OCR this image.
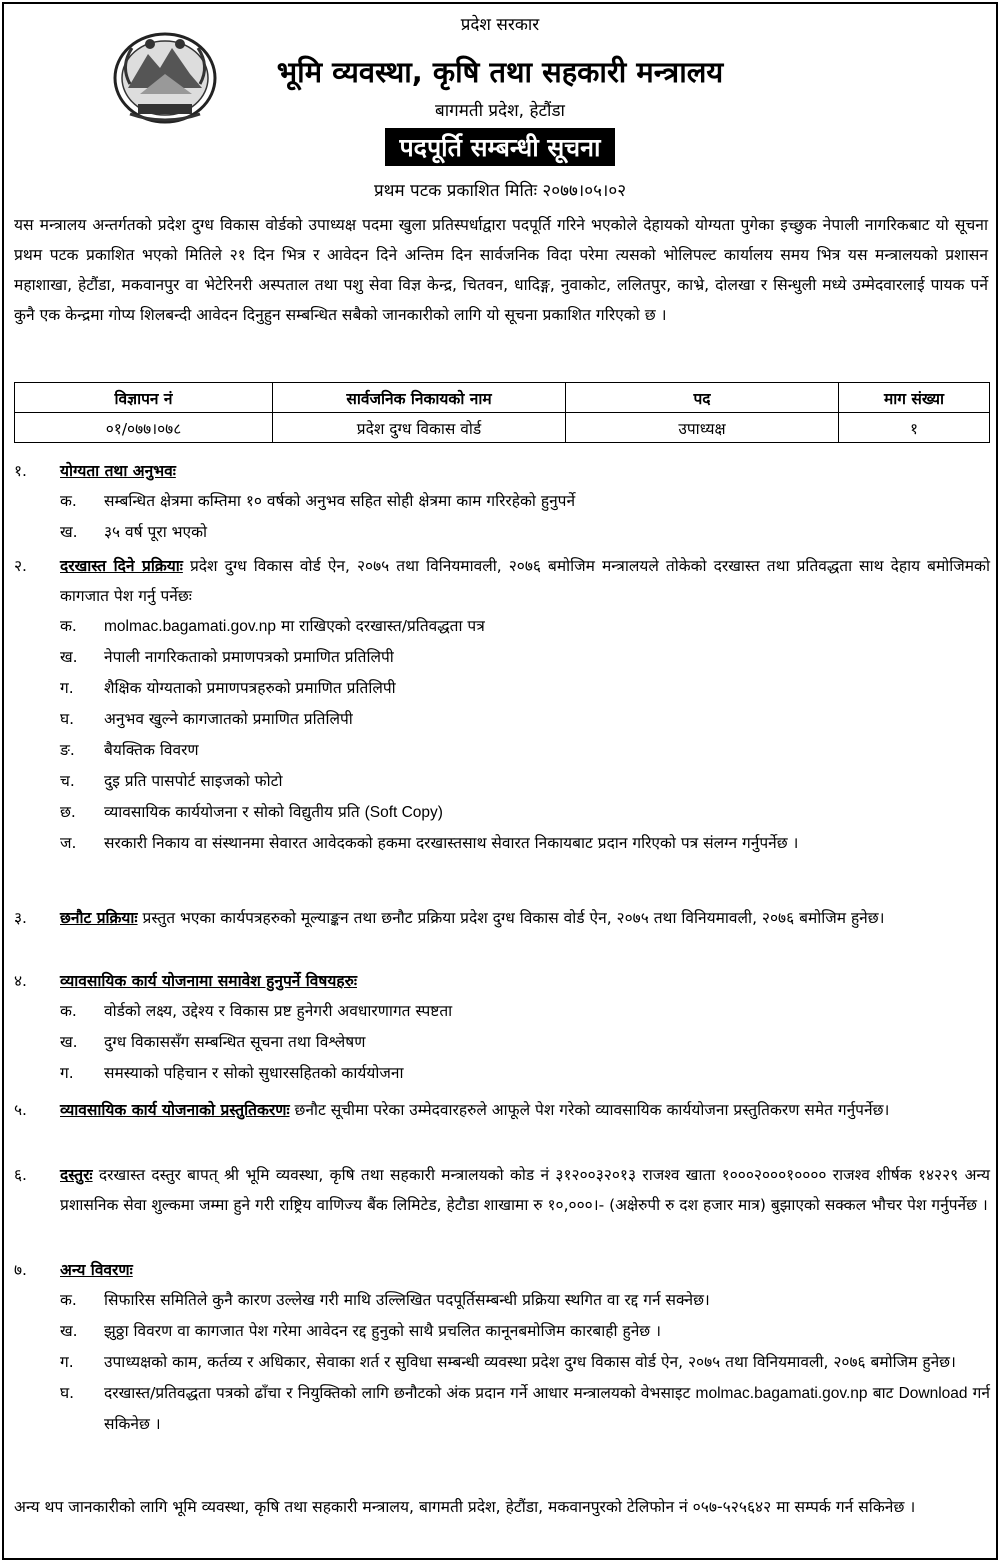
प्रदेश सरकार
भूमि व्यवस्था, कृषि तथा सहकारी मन्त्रालय
बागमती प्रदेश, हेटौंडा
पदपूर्ति सम्बन्धी सूचना
प्रथम पटक प्रकाशित मितिः २०७७।०५।०२
यस मन्त्रालय अन्तर्गतको प्रदेश दुग्ध विकास वोर्डको उपाध्यक्ष पदमा खुला प्रतिस्पर्धाद्वारा पदपूर्ति गरिने भएकोले देहायको योग्यता पुगेका इच्छुक नेपाली नागरिकबाट यो सूचना प्रथम पटक प्रकाशित भएको मितिले २१ दिन भित्र र आवेदन दिने अन्तिम दिन सार्वजनिक विदा परेमा त्यसको भोलिपल्ट कार्यालय समय भित्र यस मन्त्रालयको प्रशासन महाशाखा, हेटौंडा, मकवानपुर वा भेटेरिनरी अस्पताल तथा पशु सेवा विज्ञ केन्द्र, चितवन, धादिङ्ग, नुवाकोट, ललितपुर, काभ्रे, दोलखा र सिन्धुली मध्ये उम्मेदवारलाई पायक पर्ने कुनै एक केन्द्रमा गोप्य शिलबन्दी आवेदन दिनुहुन सम्बन्धित सबैको जानकारीको लागि यो सूचना प्रकाशित गरिएको छ ।
विज्ञापन नं	सार्वजनिक निकायको नाम	पद	माग संख्या
०१/०७७।०७८	प्रदेश दुग्ध विकास वोर्ड	उपाध्यक्ष	१
१.	योग्यता तथा अनुभवः
क.	सम्बन्धित क्षेत्रमा कम्तिमा १० वर्षको अनुभव सहित सोही क्षेत्रमा काम गरिरहेको हुनुपर्ने
ख.	३५ वर्ष पूरा भएको
२.	दरखास्त दिने प्रक्रियाः प्रदेश दुग्ध विकास वोर्ड ऐन, २०७५ तथा विनियमावली, २०७६ बमोजिम मन्त्रालयले तोकेको दरखास्त तथा प्रतिवद्धता साथ देहाय बमोजिमको कागजात पेश गर्नु पर्नेछः
क.	molmac.bagamati.gov.np मा राखिएको दरखास्त/प्रतिवद्धता पत्र
ख.	नेपाली नागरिकताको प्रमाणपत्रको प्रमाणित प्रतिलिपी
ग.	शैक्षिक योग्यताको प्रमाणपत्रहरुको प्रमाणित प्रतिलिपी
घ.	अनुभव खुल्ने कागजातको प्रमाणित प्रतिलिपी
ङ.	बैयक्तिक विवरण
च.	दुइ प्रति पासपोर्ट साइजको फोटो
छ.	व्यावसायिक कार्ययोजना र सोको विद्युतीय प्रति (Soft Copy)
ज.	सरकारी निकाय वा संस्थानमा सेवारत आवेदकको हकमा दरखास्तसाथ सेवारत निकायबाट प्रदान गरिएको पत्र संलग्न गर्नुपर्नेछ ।
३.	छनौट प्रक्रियाः प्रस्तुत भएका कार्यपत्रहरुको मूल्याङ्कन तथा छनौट प्रक्रिया प्रदेश दुग्ध विकास वोर्ड ऐन, २०७५ तथा विनियमावली, २०७६ बमोजिम हुनेछ।
४.	व्यावसायिक कार्य योजनामा समावेश हुनुपर्ने विषयहरुः
क.	वोर्डको लक्ष्य, उद्देश्य र विकास प्रष्ट हुनेगरी अवधारणागत स्पष्टता
ख.	दुग्ध विकाससँग सम्बन्धित सूचना तथा विश्लेषण
ग.	समस्याको पहिचान र सोको सुधारसहितको कार्ययोजना
५.	व्यावसायिक कार्य योजनाको प्रस्तुतिकरणः छनौट सूचीमा परेका उम्मेदवारहरुले आफूले पेश गरेको व्यावसायिक कार्ययोजना प्रस्तुतिकरण समेत गर्नुपर्नेछ।
६.	दस्तुरः दरखास्त दस्तुर बापत् श्री भूमि व्यवस्था, कृषि तथा सहकारी मन्त्रालयको कोड नं ३१२००३२०१३ राजश्व खाता १०००२०००१०००० राजश्व शीर्षक १४२२९ अन्य प्रशासनिक सेवा शुल्कमा जम्मा हुने गरी राष्ट्रिय वाणिज्य बैंक लिमिटेड, हेटौडा शाखामा रु १०,०००।- (अक्षेरुपी रु दश हजार मात्र) बुझाएको सक्कल भौचर पेश गर्नुपर्नेछ ।
७.	अन्य विवरणः
क.	सिफारिस समितिले कुनै कारण उल्लेख गरी माथि उल्लिखित पदपूर्तिसम्बन्धी प्रक्रिया स्थगित वा रद्द गर्न सक्नेछ।
ख.	झुठ्ठा विवरण वा कागजात पेश गरेमा आवेदन रद्द हुनुको साथै प्रचलित कानूनबमोजिम कारबाही हुनेछ ।
ग.	उपाध्यक्षको काम, कर्तव्य र अधिकार, सेवाका शर्त र सुविधा सम्बन्धी व्यवस्था प्रदेश दुग्ध विकास वोर्ड ऐन, २०७५ तथा विनियमावली, २०७६ बमोजिम हुनेछ।
घ.	दरखास्त/प्रतिवद्धता पत्रको ढाँचा र नियुक्तिको लागि छनौटको अंक प्रदान गर्ने आधार मन्त्रालयको वेभसाइट molmac.bagamati.gov.np बाट Download गर्न सकिनेछ ।
अन्य थप जानकारीको लागि भूमि व्यवस्था, कृषि तथा सहकारी मन्त्रालय, बागमती प्रदेश, हेटौंडा, मकवानपुरको टेलिफोन नं ०५७-५२५६४२ मा सम्पर्क गर्न सकिनेछ ।
